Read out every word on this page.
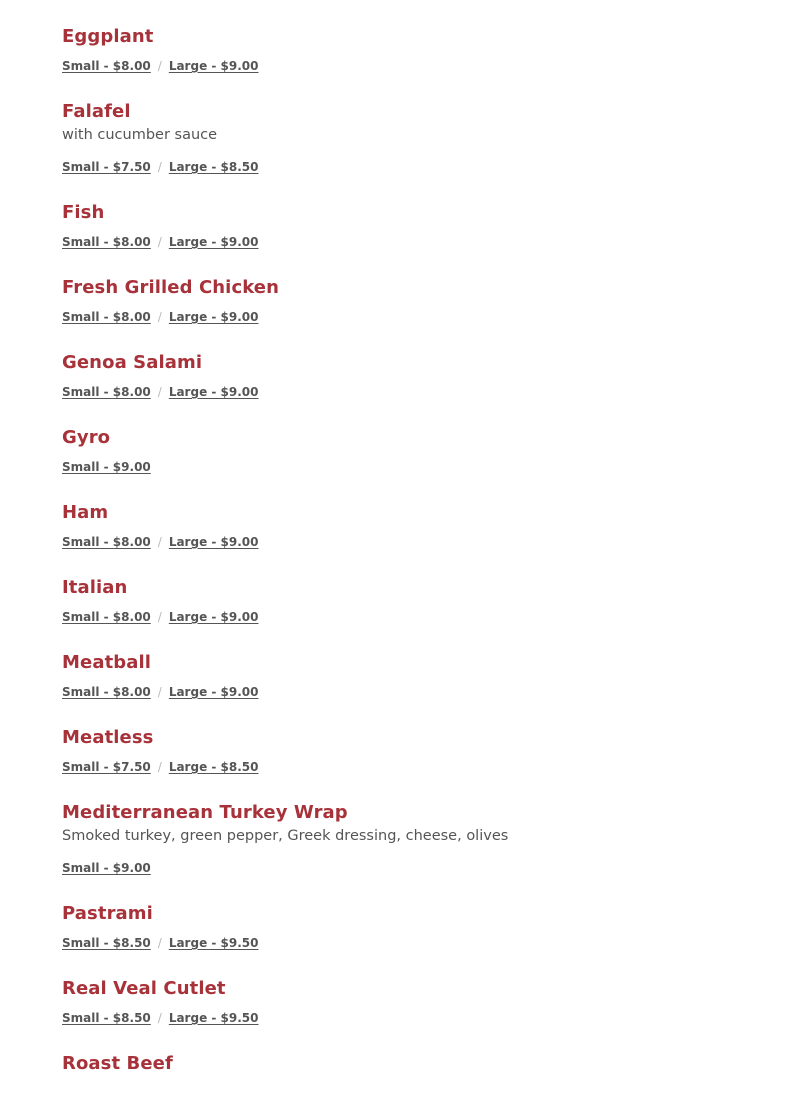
Eggplant
Small - $8.00 / Large - $9.00
Falafel

with cucumber sauce

Small - $7.50 / Large - $8.50
Fish
Small - $8.00 / Large - $9.00
Fresh Grilled Chicken
Small - $8.00 / Large - $9.00
Genoa Salami
Small - $8.00 / Large - $9.00
Gyro
Small - $9.00
Ham
Small - $8.00 / Large - $9.00
Italian
Small - $8.00 / Large - $9.00
Meatball
Small - $8.00 / Large - $9.00
Meatless
Small - $7.50 / Large - $8.50
Mediterranean Turkey Wrap

Smoked turkey, green pepper, Greek dressing, cheese, olives

Small - $9.00
Pastrami
Small - $8.50 / Large - $9.50
Real Veal Cutlet
Small - $8.50 / Large - $9.50
Roast Beef
